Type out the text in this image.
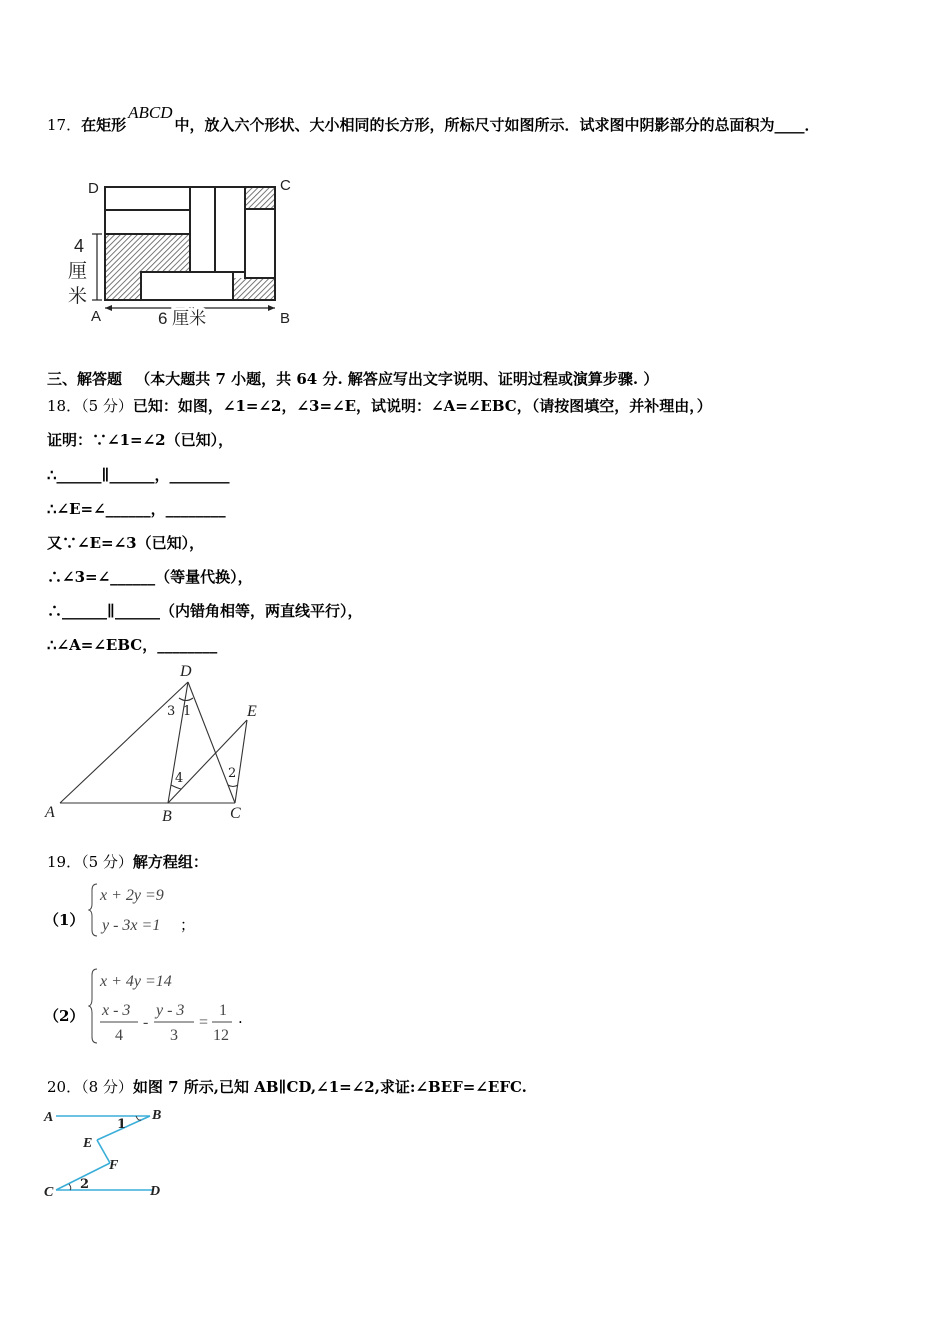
17．在矩形ABCD中，放入六个形状、大小相同的长方形，所标尺寸如图所示．试求图中阴影部分的总面积为____．
D	C
A	B
4
厘
米
6 厘米
三、解答题 （本大题共 7 小题，共 64 分. 解答应写出文字说明、证明过程或演算步骤. ）
18．（5 分）已知：如图，∠1=∠2，∠3=∠E，试说明：∠A=∠EBC，（请按图填空，并补理由，）
证明：∵∠1=∠2（已知），
∴______∥______，________
∴∠E=∠______，________
又∵∠E=∠3（已知），
∴∠3=∠______（等量代换），
∴______∥______（内错角相等，两直线平行），
∴∠A=∠EBC，________
D
E
A	B	C
3 1
4	2
19．（5 分）解方程组：
（1）
x + 2y =9
y - 3x =1 ；
（2）
x + 4y =14
x - 3
4
-
y - 3
3
=
1
12
.
20．（8 分）如图 7 所示,已知 AB∥CD,∠1=∠2,求证:∠BEF=∠EFC.
A	B
E
F
C	D
1
2
